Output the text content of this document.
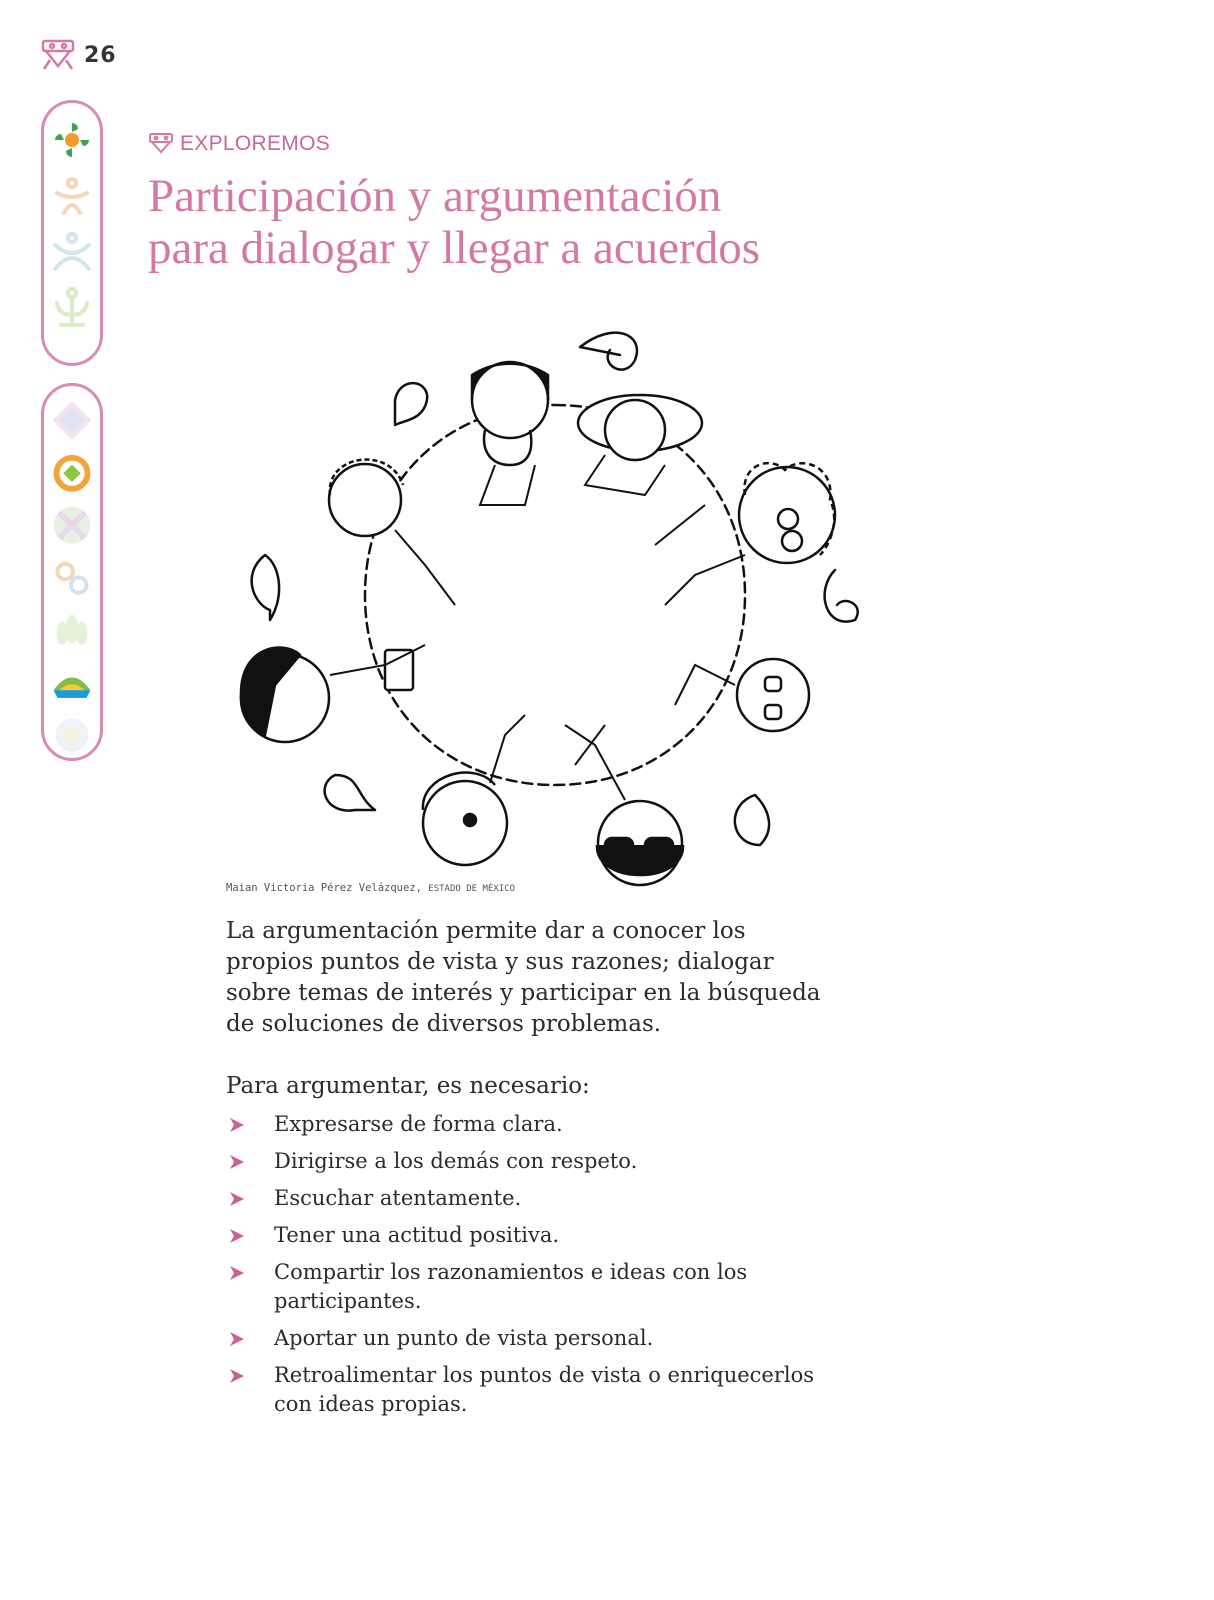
26
EXPLOREMOS
Participación y argumentación
para dialogar y llegar a acuerdos
Maian Victoria Pérez Velázquez, ESTADO DE MÉXICO

La argumentación permite dar a conocer los propios puntos de vista y sus razones; dialogar sobre temas de interés y participar en la búsqueda de soluciones de diversos problemas.

Para argumentar, es necesario:

Expresarse de forma clara.
Dirigirse a los demás con respeto.
Escuchar atentamente.
Tener una actitud positiva.
Compartir los razonamientos e ideas con los participantes.
Aportar un punto de vista personal.
Retroalimentar los puntos de vista o enriquecerlos con ideas propias.
